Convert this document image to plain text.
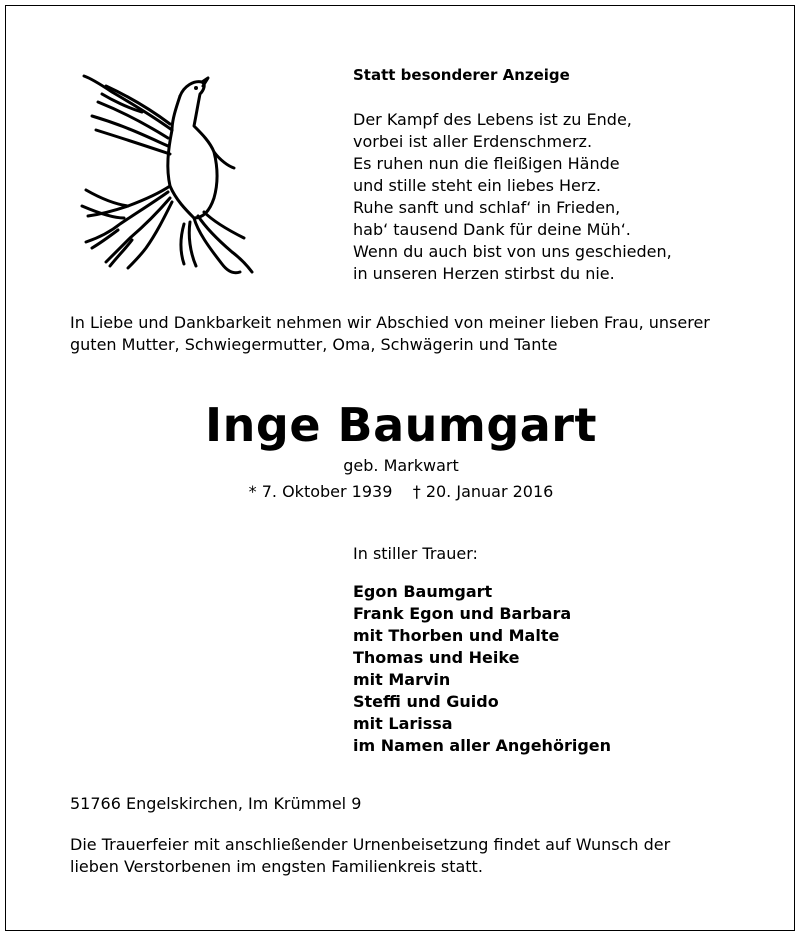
Statt besonderer Anzeige
Der Kampf des Lebens ist zu Ende,
vorbei ist aller Erdenschmerz.
Es ruhen nun die fleißigen Hände
und stille steht ein liebes Herz.
Ruhe sanft und schlaf‘ in Frieden,
hab‘ tausend Dank für deine Müh‘.
Wenn du auch bist von uns geschieden,
in unseren Herzen stirbst du nie.
In Liebe und Dankbarkeit nehmen wir Abschied von meiner lieben Frau, unserer
guten Mutter, Schwiegermutter, Oma, Schwägerin und Tante
Inge Baumgart
geb. Markwart
* 7. Oktober 1939 † 20. Januar 2016
In stiller Trauer:
Egon Baumgart
Frank Egon und Barbara
mit Thorben und Malte
Thomas und Heike
mit Marvin
Steffi und Guido
mit Larissa
im Namen aller Angehörigen
51766 Engelskirchen, Im Krümmel 9
Die Trauerfeier mit anschließender Urnenbeisetzung findet auf Wunsch der
lieben Verstorbenen im engsten Familienkreis statt.
